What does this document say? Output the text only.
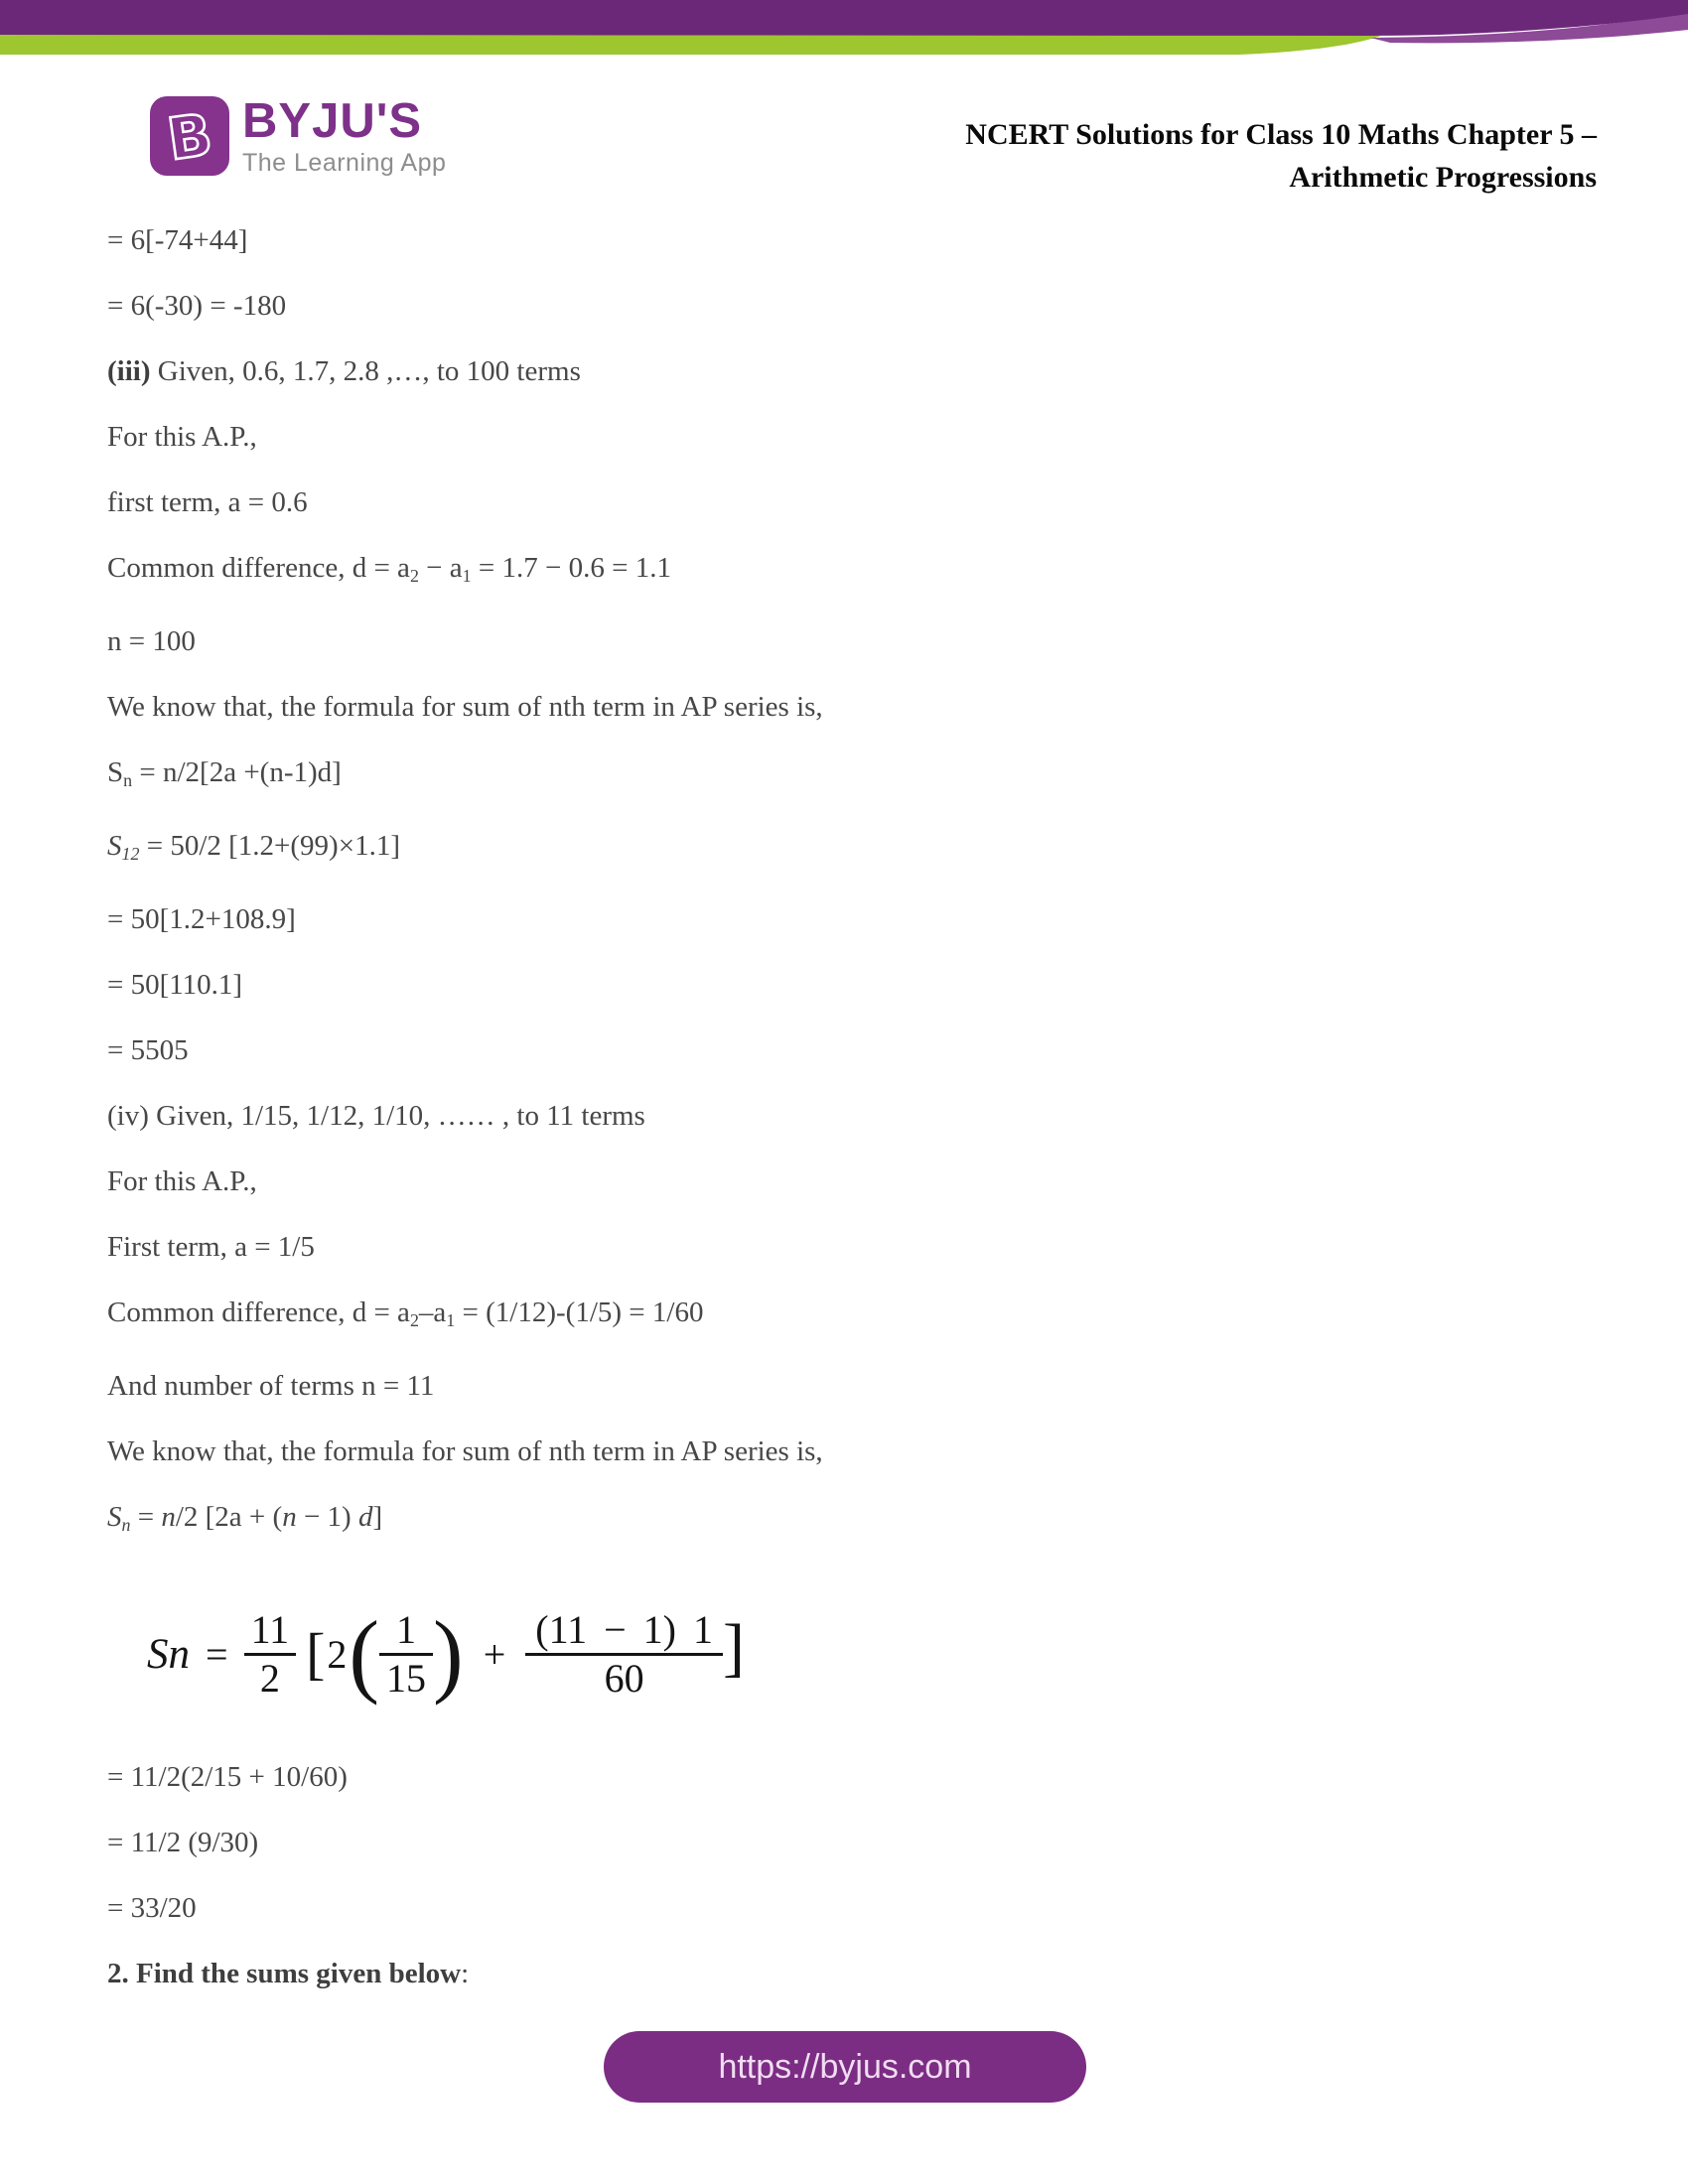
B BYJU'S
The Learning App
NCERT Solutions for Class 10 Maths Chapter 5 –
Arithmetic Progressions

= 6[-74+44]

= 6(-30) = -180

(iii) Given, 0.6, 1.7, 2.8 ,…, to 100 terms

For this A.P.,

first term, a = 0.6

Common difference, $d = a_2 - a_1 = 1.7 - 0.6 = 1.1$

n = 100

We know that, the formula for sum of nth term in AP series is,

$S_n = n/2[2a +(n-1)d]$

S12 = 50/2 [1.2+(99)×1.1]

= 50[1.2+108.9]

= 50[110.1]

= 5505

(iv) Given, 1/15, 1/12, 1/10, …… , to 11 terms

For this A.P.,

First term, a = 1/5

Common difference, $d = a_2-a_1 = (1/12)-(1/5) = 1/60$

And number of terms n = 11

We know that, the formula for sum of nth term in AP series is,

Sn = n/2 [2a + (n − 1) d]

$Sn = \frac{11}{2}$ [ 2 ( $\frac{1}{15}$ ) + $\frac{(11 - 1) 1}{60}$ ]

= 11/2(2/15 + 10/60)

= 11/2 (9/30)

= 33/20

2. Find the sums given below:

https://byjus.com
